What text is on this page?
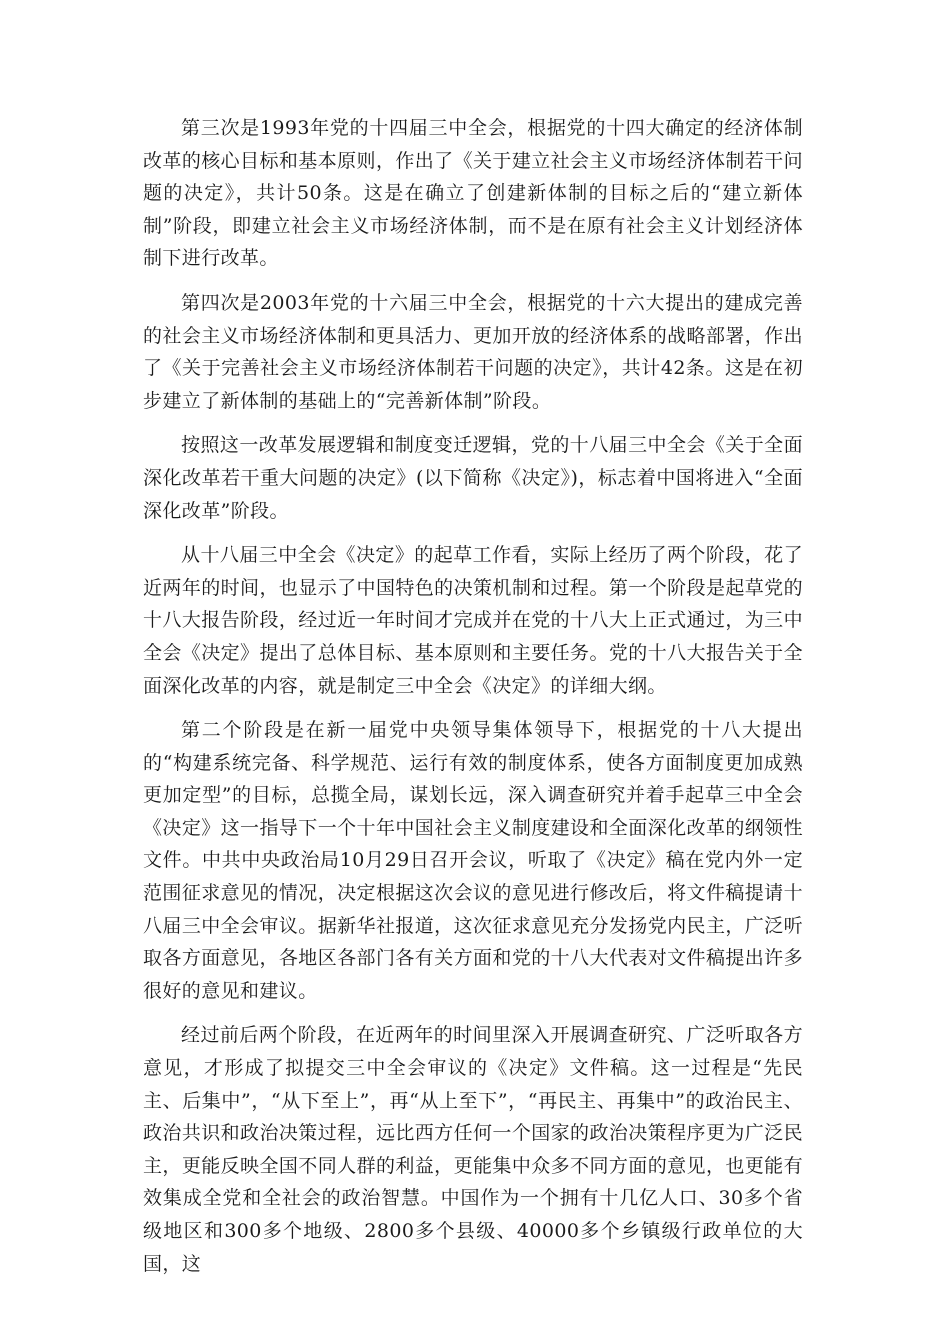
第三次是1993年党的十四届三中全会，根据党的十四大确定的经济体制改革的核心目标和基本原则，作出了《关于建立社会主义市场经济体制若干问题的决定》，共计50条。这是在确立了创建新体制的目标之后的“建立新体制”阶段，即建立社会主义市场经济体制，而不是在原有社会主义计划经济体制下进行改革。

第四次是2003年党的十六届三中全会，根据党的十六大提出的建成完善的社会主义市场经济体制和更具活力、更加开放的经济体系的战略部署，作出了《关于完善社会主义市场经济体制若干问题的决定》，共计42条。这是在初步建立了新体制的基础上的“完善新体制”阶段。

按照这一改革发展逻辑和制度变迁逻辑，党的十八届三中全会《关于全面深化改革若干重大问题的决定》(以下简称《决定》)，标志着中国将进入“全面深化改革”阶段。

从十八届三中全会《决定》的起草工作看，实际上经历了两个阶段，花了近两年的时间，也显示了中国特色的决策机制和过程。第一个阶段是起草党的十八大报告阶段，经过近一年时间才完成并在党的十八大上正式通过，为三中全会《决定》提出了总体目标、基本原则和主要任务。党的十八大报告关于全面深化改革的内容，就是制定三中全会《决定》的详细大纲。

第二个阶段是在新一届党中央领导集体领导下，根据党的十八大提出的“构建系统完备、科学规范、运行有效的制度体系，使各方面制度更加成熟更加定型”的目标，总揽全局，谋划长远，深入调查研究并着手起草三中全会《决定》这一指导下一个十年中国社会主义制度建设和全面深化改革的纲领性文件。中共中央政治局10月29日召开会议，听取了《决定》稿在党内外一定范围征求意见的情况，决定根据这次会议的意见进行修改后，将文件稿提请十八届三中全会审议。据新华社报道，这次征求意见充分发扬党内民主，广泛听取各方面意见，各地区各部门各有关方面和党的十八大代表对文件稿提出许多很好的意见和建议。

经过前后两个阶段，在近两年的时间里深入开展调查研究、广泛听取各方意见，才形成了拟提交三中全会审议的《决定》文件稿。这一过程是“先民主、后集中”，“从下至上”，再“从上至下”，“再民主、再集中”的政治民主、政治共识和政治决策过程，远比西方任何一个国家的政治决策程序更为广泛民主，更能反映全国不同人群的利益，更能集中众多不同方面的意见，也更能有效集成全党和全社会的政治智慧。中国作为一个拥有十几亿人口、30多个省级地区和300多个地级、2800多个县级、40000多个乡镇级行政单位的大国，这
